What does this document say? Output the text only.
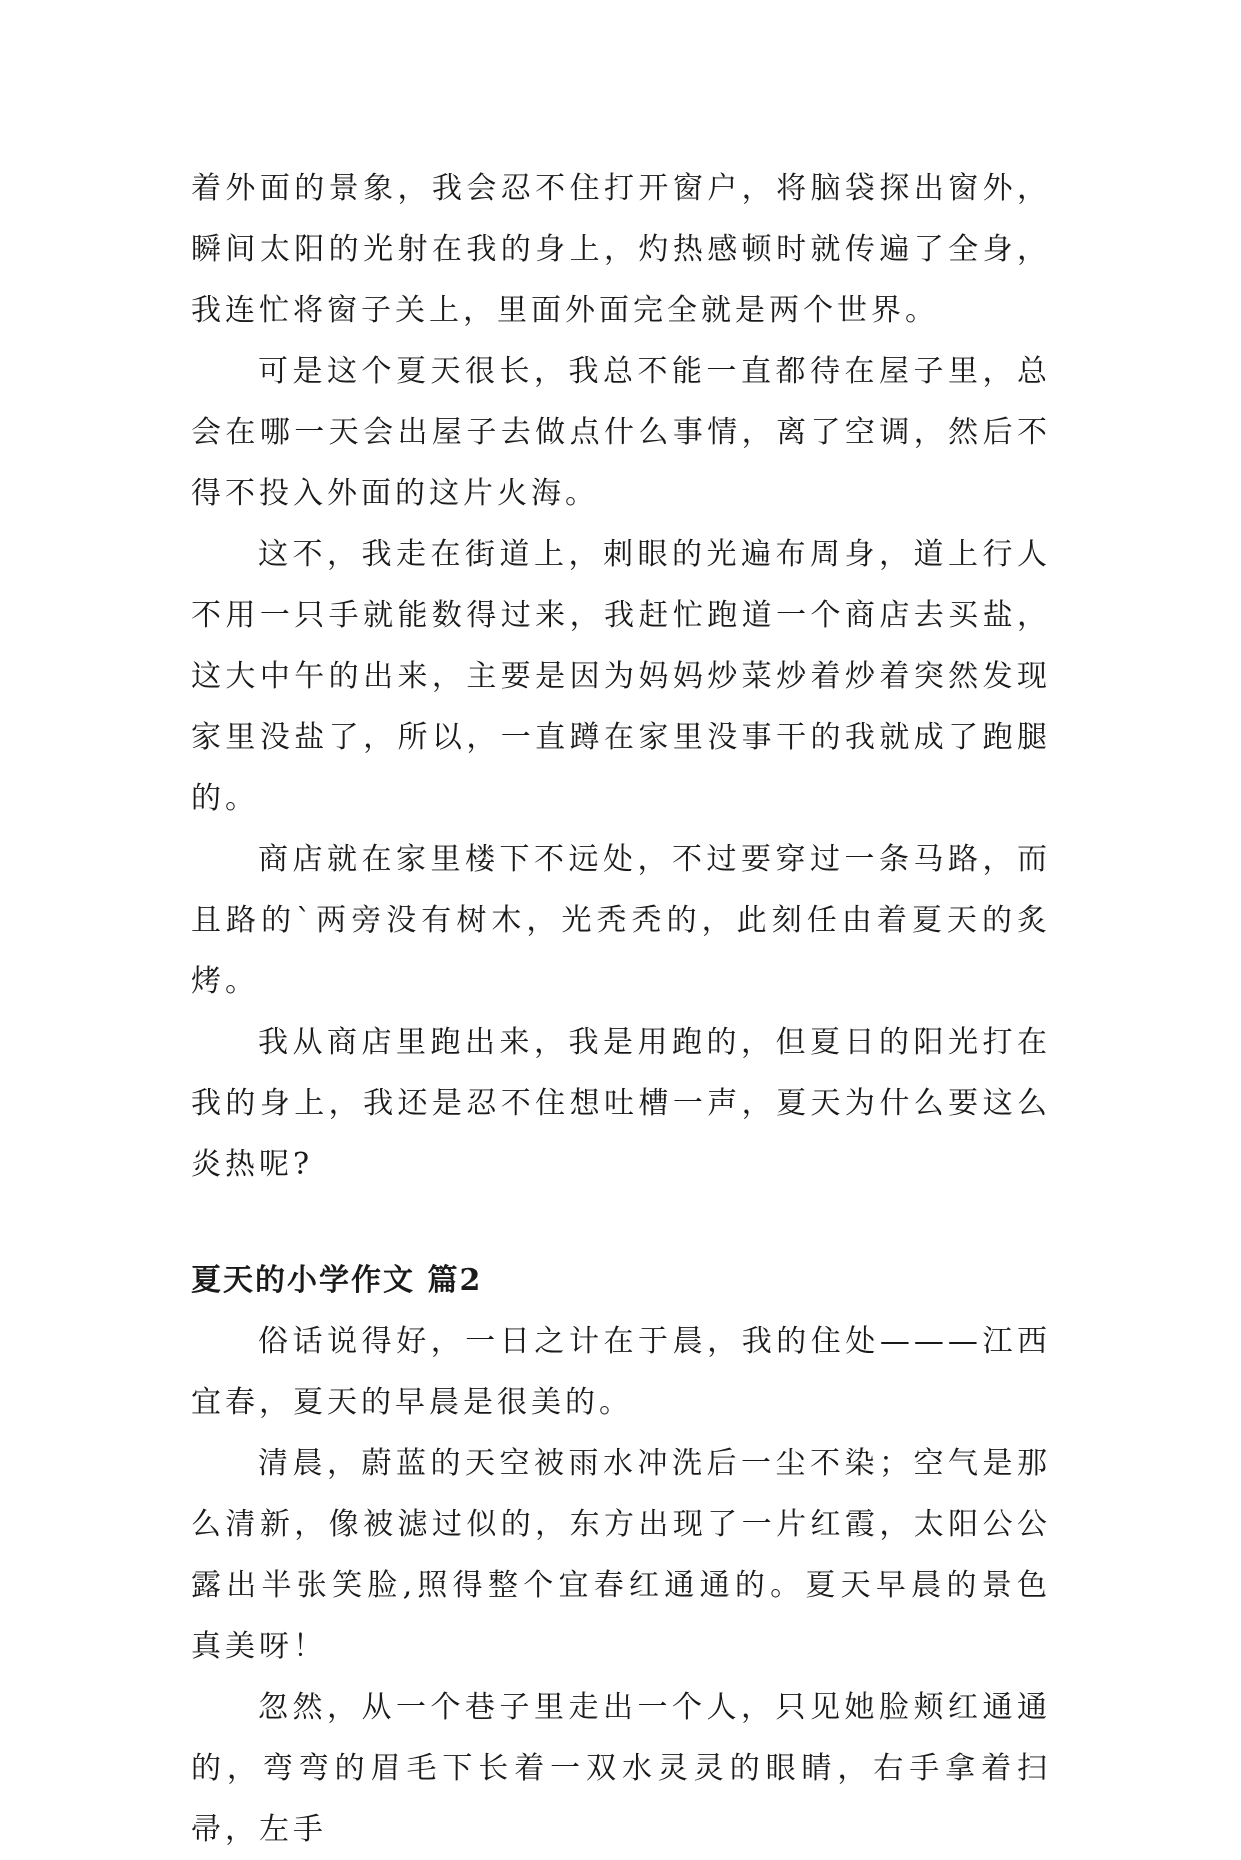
着外面的景象，我会忍不住打开窗户，将脑袋探出窗外，瞬间太阳的光射在我的身上，灼热感顿时就传遍了全身，我连忙将窗子关上，里面外面完全就是两个世界。

可是这个夏天很长，我总不能一直都待在屋子里，总会在哪一天会出屋子去做点什么事情，离了空调，然后不得不投入外面的这片火海。

这不，我走在街道上，刺眼的光遍布周身，道上行人不用一只手就能数得过来，我赶忙跑道一个商店去买盐，这大中午的出来，主要是因为妈妈炒菜炒着炒着突然发现家里没盐了，所以，一直蹲在家里没事干的我就成了跑腿的。

商店就在家里楼下不远处，不过要穿过一条马路，而且路的`两旁没有树木，光秃秃的，此刻任由着夏天的炙烤。

我从商店里跑出来，我是用跑的，但夏日的阳光打在我的身上，我还是忍不住想吐槽一声，夏天为什么要这么炎热呢?

夏天的小学作文 篇2

俗话说得好，一日之计在于晨，我的住处———江西宜春，夏天的早晨是很美的。

清晨，蔚蓝的天空被雨水冲洗后一尘不染；空气是那么清新，像被滤过似的，东方出现了一片红霞，太阳公公露出半张笑脸,照得整个宜春红通通的。夏天早晨的景色真美呀！

忽然，从一个巷子里走出一个人，只见她脸颊红通通的，弯弯的眉毛下长着一双水灵灵的眼睛，右手拿着扫帚，左手
